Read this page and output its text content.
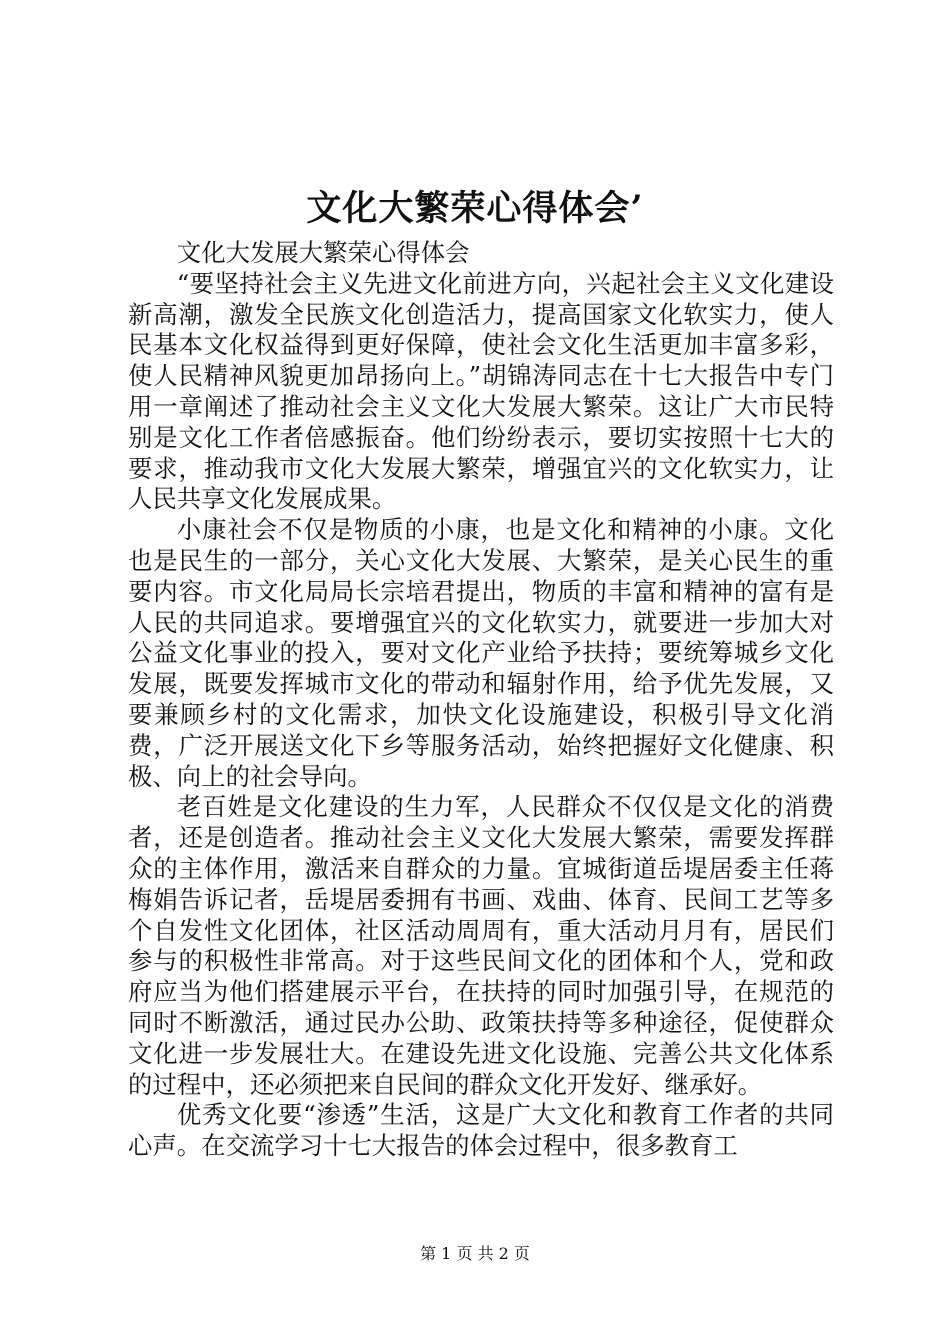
文化大繁荣心得体会’

文化大发展大繁荣心得体会

“要坚持社会主义先进文化前进方向，兴起社会主义文化建设新高潮，激发全民族文化创造活力，提高国家文化软实力，使人民基本文化权益得到更好保障，使社会文化生活更加丰富多彩，使人民精神风貌更加昂扬向上。”胡锦涛同志在十七大报告中专门用一章阐述了推动社会主义文化大发展大繁荣。这让广大市民特别是文化工作者倍感振奋。他们纷纷表示，要切实按照十七大的要求，推动我市文化大发展大繁荣，增强宜兴的文化软实力，让人民共享文化发展成果。

小康社会不仅是物质的小康，也是文化和精神的小康。文化也是民生的一部分，关心文化大发展、大繁荣，是关心民生的重要内容。市文化局局长宗培君提出，物质的丰富和精神的富有是人民的共同追求。要增强宜兴的文化软实力，就要进一步加大对公益文化事业的投入，要对文化产业给予扶持；要统筹城乡文化发展，既要发挥城市文化的带动和辐射作用，给予优先发展，又要兼顾乡村的文化需求，加快文化设施建设，积极引导文化消费，广泛开展送文化下乡等服务活动，始终把握好文化健康、积极、向上的社会导向。

老百姓是文化建设的生力军，人民群众不仅仅是文化的消费者，还是创造者。推动社会主义文化大发展大繁荣，需要发挥群众的主体作用，激活来自群众的力量。宜城街道岳堤居委主任蒋梅娟告诉记者，岳堤居委拥有书画、戏曲、体育、民间工艺等多个自发性文化团体，社区活动周周有，重大活动月月有，居民们参与的积极性非常高。对于这些民间文化的团体和个人，党和政府应当为他们搭建展示平台，在扶持的同时加强引导，在规范的同时不断激活，通过民办公助、政策扶持等多种途径，促使群众文化进一步发展壮大。在建设先进文化设施、完善公共文化体系的过程中，还必须把来自民间的群众文化开发好、继承好。

优秀文化要“渗透”生活，这是广大文化和教育工作者的共同心声。在交流学习十七大报告的体会过程中，很多教育工

第 1 页 共 2 页
